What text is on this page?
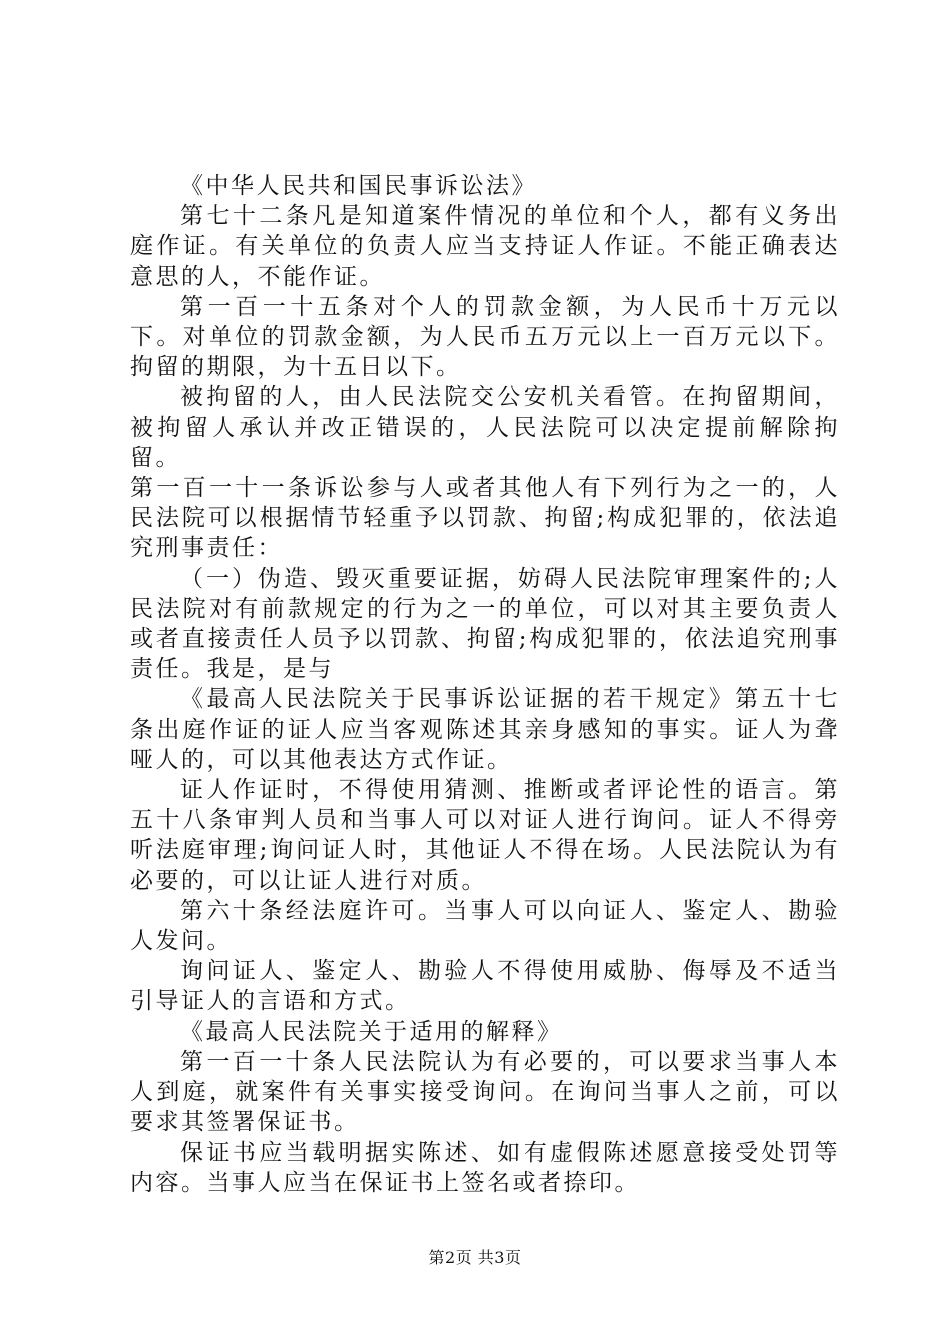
《中华人民共和国民事诉讼法》

第七十二条凡是知道案件情况的单位和个人，都有义务出庭作证。有关单位的负责人应当支持证人作证。不能正确表达意思的人，不能作证。

第一百一十五条对个人的罚款金额，为人民币十万元以下。对单位的罚款金额，为人民币五万元以上一百万元以下。拘留的期限，为十五日以下。

被拘留的人，由人民法院交公安机关看管。在拘留期间，被拘留人承认并改正错误的，人民法院可以决定提前解除拘留。

第一百一十一条诉讼参与人或者其他人有下列行为之一的，人民法院可以根据情节轻重予以罚款、拘留;构成犯罪的，依法追究刑事责任：

（一）伪造、毁灭重要证据，妨碍人民法院审理案件的;人民法院对有前款规定的行为之一的单位，可以对其主要负责人或者直接责任人员予以罚款、拘留;构成犯罪的，依法追究刑事责任。我是，是与

《最高人民法院关于民事诉讼证据的若干规定》第五十七条出庭作证的证人应当客观陈述其亲身感知的事实。证人为聋哑人的，可以其他表达方式作证。

证人作证时，不得使用猜测、推断或者评论性的语言。第五十八条审判人员和当事人可以对证人进行询问。证人不得旁听法庭审理;询问证人时，其他证人不得在场。人民法院认为有必要的，可以让证人进行对质。

第六十条经法庭许可。当事人可以向证人、鉴定人、勘验人发问。

询问证人、鉴定人、勘验人不得使用威胁、侮辱及不适当引导证人的言语和方式。

《最高人民法院关于适用的解释》

第一百一十条人民法院认为有必要的，可以要求当事人本人到庭，就案件有关事实接受询问。在询问当事人之前，可以要求其签署保证书。

保证书应当载明据实陈述、如有虚假陈述愿意接受处罚等内容。当事人应当在保证书上签名或者捺印。

第2页 共3页
